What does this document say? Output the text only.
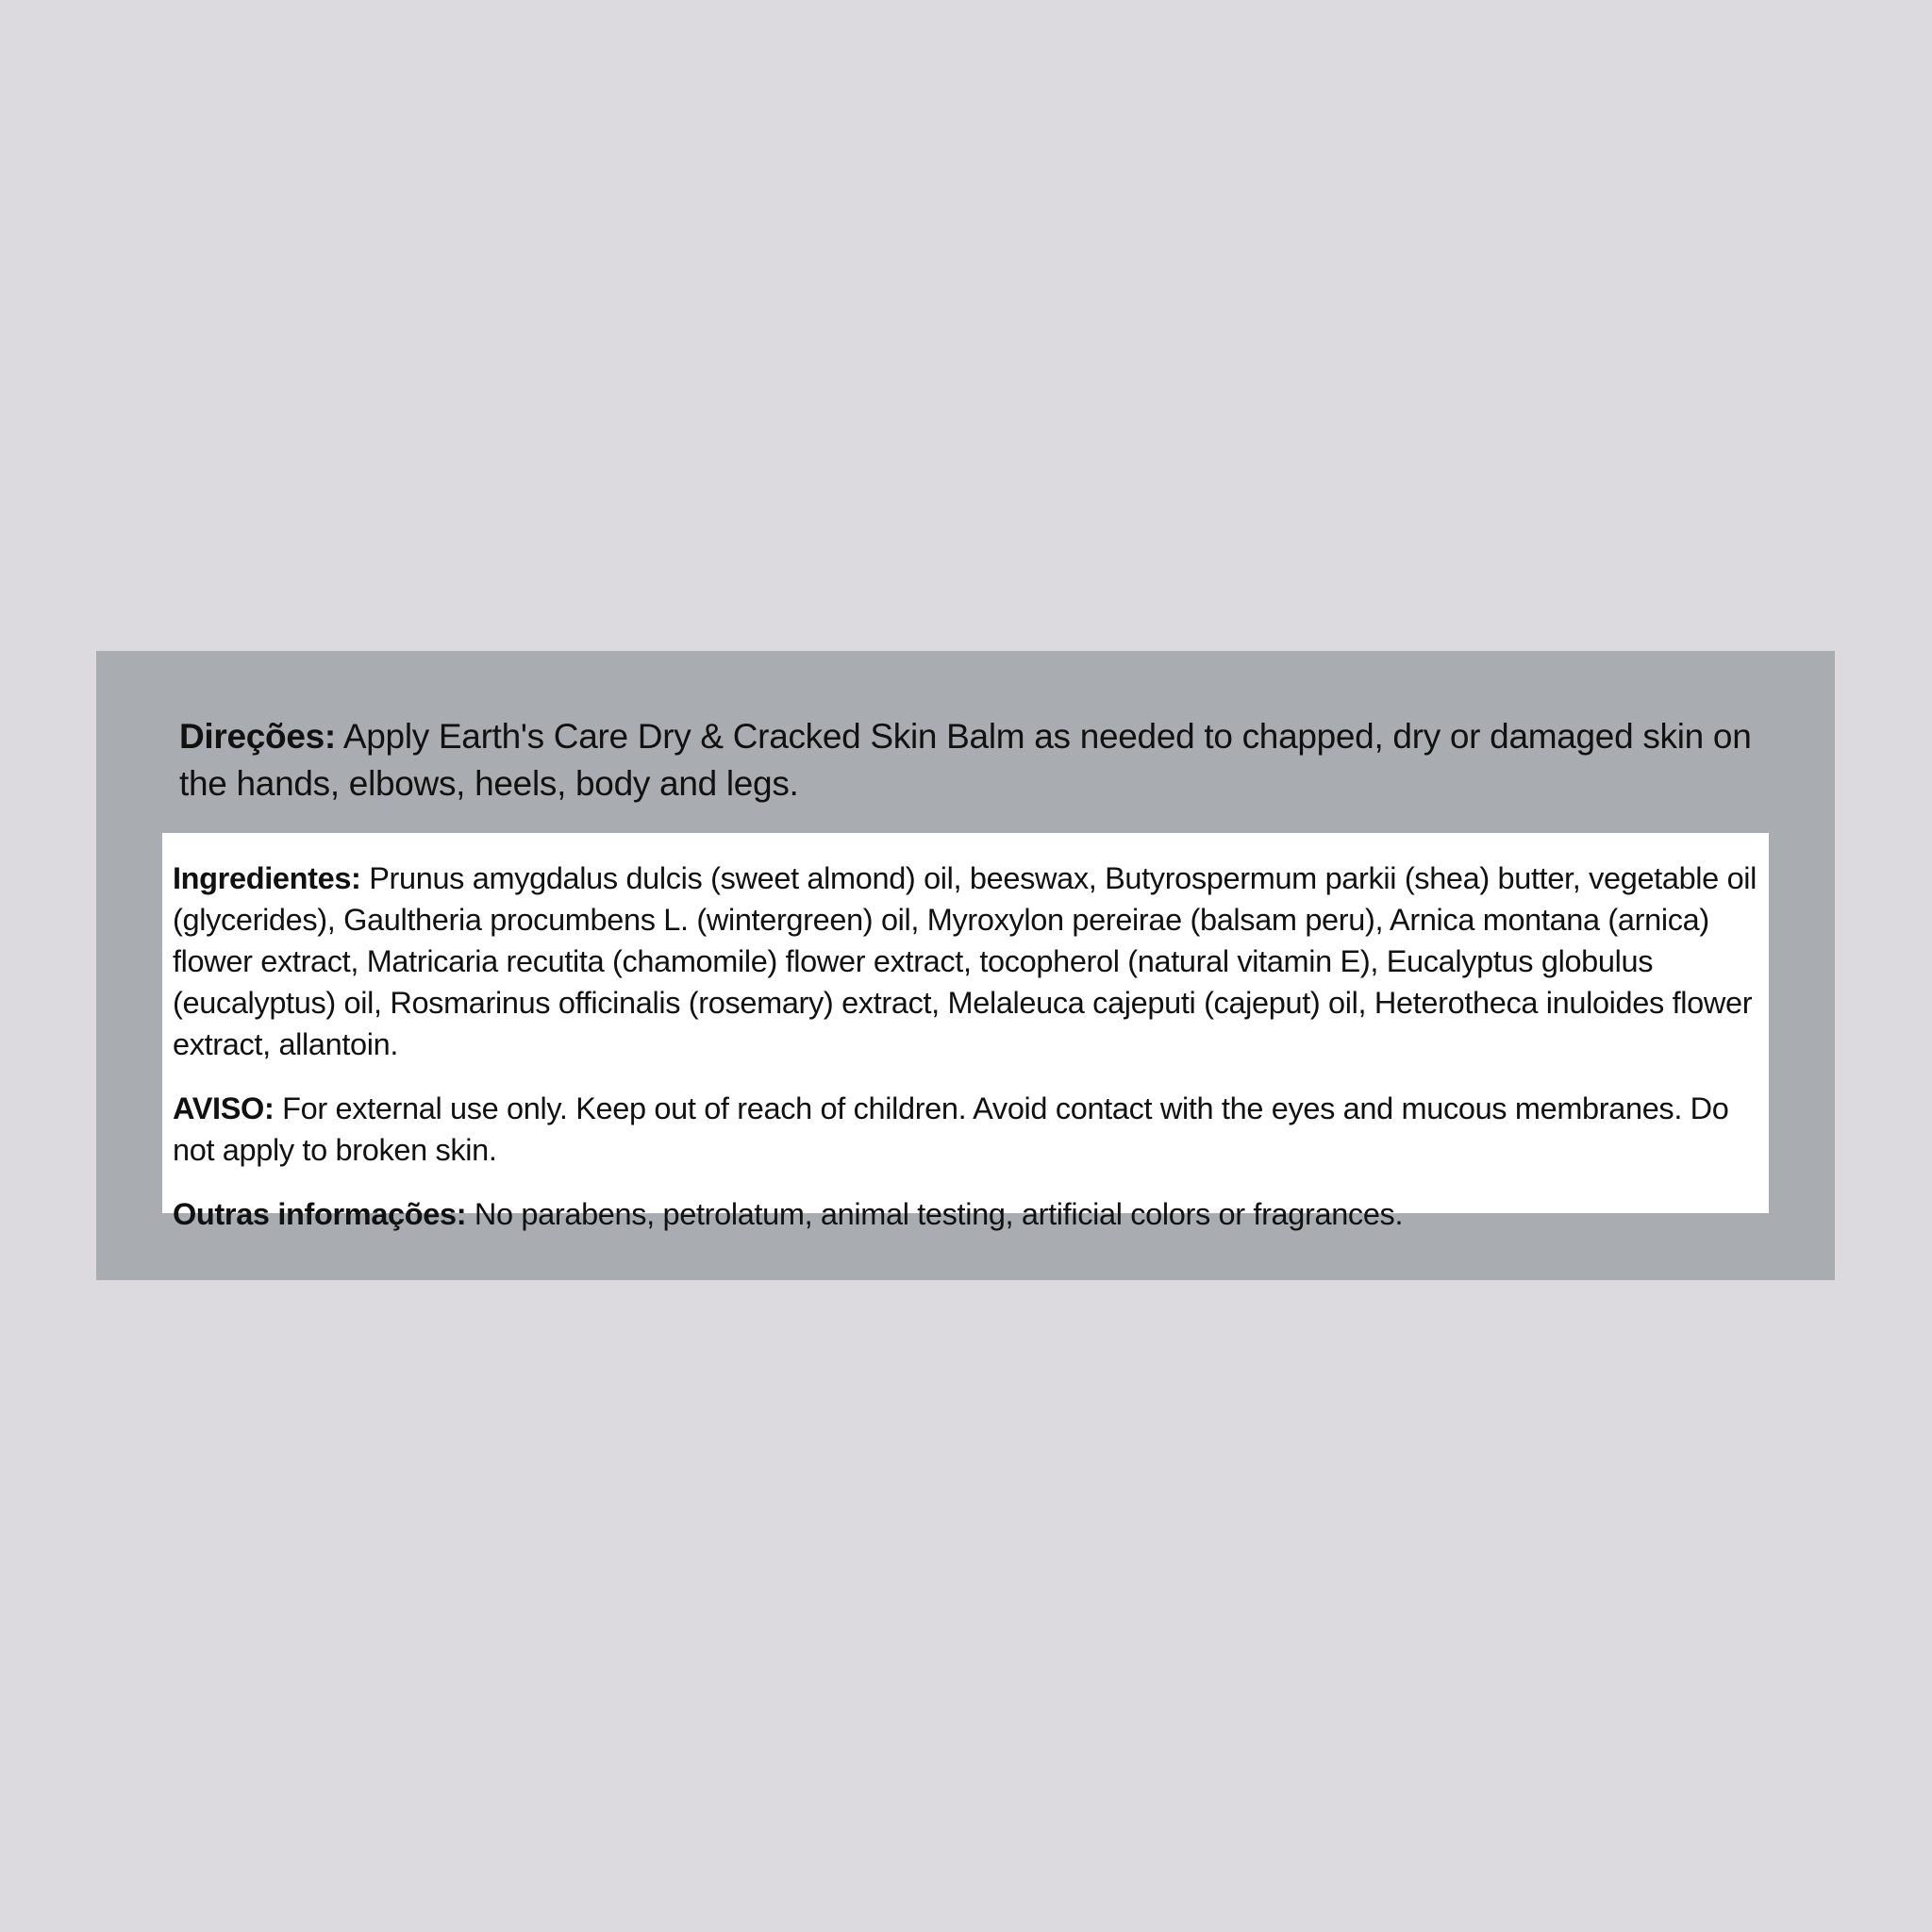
Direções: Apply Earth's Care Dry & Cracked Skin Balm as needed to chapped, dry or damaged skin on the hands, elbows, heels, body and legs.

Ingredientes: Prunus amygdalus dulcis (sweet almond) oil, beeswax, Butyrospermum parkii (shea) butter, vegetable oil (glycerides), Gaultheria procumbens L. (wintergreen) oil, Myroxylon pereirae (balsam peru), Arnica montana (arnica) flower extract, Matricaria recutita (chamomile) flower extract, tocopherol (natural vitamin E), Eucalyptus globulus (eucalyptus) oil, Rosmarinus officinalis (rosemary) extract, Melaleuca cajeputi (cajeput) oil, Heterotheca inuloides flower extract, allantoin.

AVISO: For external use only. Keep out of reach of children. Avoid contact with the eyes and mucous membranes. Do not apply to broken skin.

Outras informações: No parabens, petrolatum, animal testing, artificial colors or fragrances.
